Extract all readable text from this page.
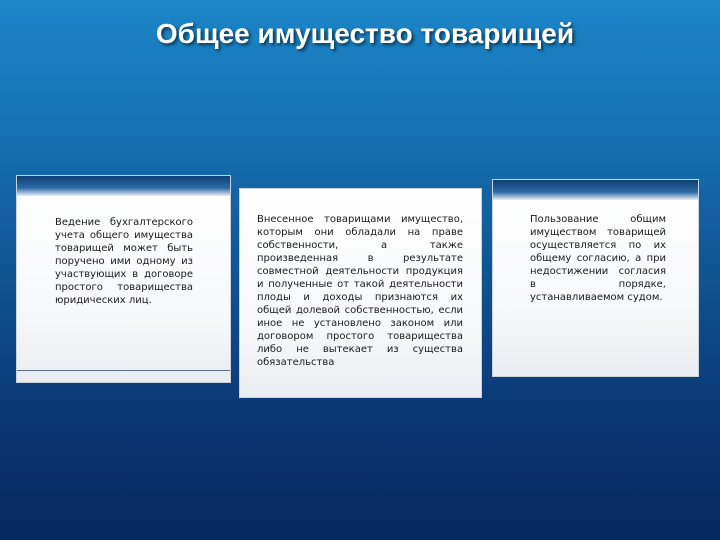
Общее имущество товарищей
Ведение бухгалтерского учета общего имущества товарищей может быть поручено ими одному из участвующих в договоре простого товарищества юридических лиц.
Внесенное товарищами имущество, которым они обладали на праве собственности, а также произведенная в результате совместной деятельности продукция и полученные от такой деятельности плоды и доходы признаются их общей долевой собственностью, если иное не установлено законом или договором простого товарищества либо не вытекает из существа обязательства
Пользование общим имуществом товарищей осуществляется по их общему согласию, а при недостижении согласия в порядке, устанавливаемом судом.
